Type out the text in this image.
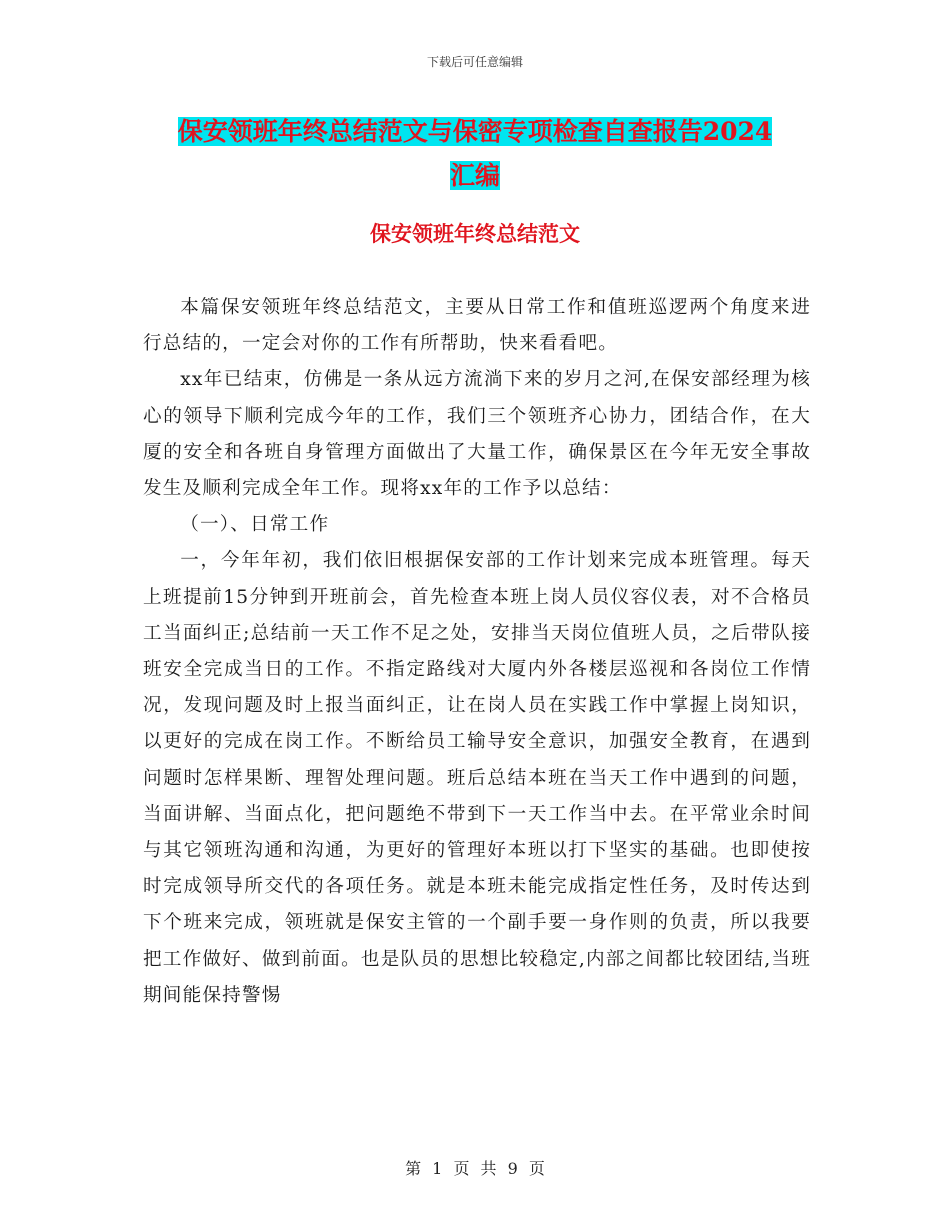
下载后可任意编辑
保安领班年终总结范文与保密专项检查自查报告2024
汇编
保安领班年终总结范文

本篇保安领班年终总结范文，主要从日常工作和值班巡逻两个角度来进行总结的，一定会对你的工作有所帮助，快来看看吧。

xx年已结束，仿佛是一条从远方流淌下来的岁月之河,在保安部经理为核心的领导下顺利完成今年的工作，我们三个领班齐心协力，团结合作，在大厦的安全和各班自身管理方面做出了大量工作，确保景区在今年无安全事故发生及顺利完成全年工作。现将xx年的工作予以总结：

（一）、日常工作

一，今年年初，我们依旧根据保安部的工作计划来完成本班管理。每天上班提前15分钟到开班前会，首先检查本班上岗人员仪容仪表，对不合格员工当面纠正;总结前一天工作不足之处，安排当天岗位值班人员，之后带队接班安全完成当日的工作。不指定路线对大厦内外各楼层巡视和各岗位工作情况，发现问题及时上报当面纠正，让在岗人员在实践工作中掌握上岗知识，以更好的完成在岗工作。不断给员工输导安全意识，加强安全教育，在遇到问题时怎样果断、理智处理问题。班后总结本班在当天工作中遇到的问题，当面讲解、当面点化，把问题绝不带到下一天工作当中去。在平常业余时间与其它领班沟通和沟通，为更好的管理好本班以打下坚实的基础。也即使按时完成领导所交代的各项任务。就是本班未能完成指定性任务，及时传达到下个班来完成，领班就是保安主管的一个副手要一身作则的负责，所以我要把工作做好、做到前面。也是队员的思想比较稳定,内部之间都比较团结,当班期间能保持警惕

第 1 页 共 9 页
